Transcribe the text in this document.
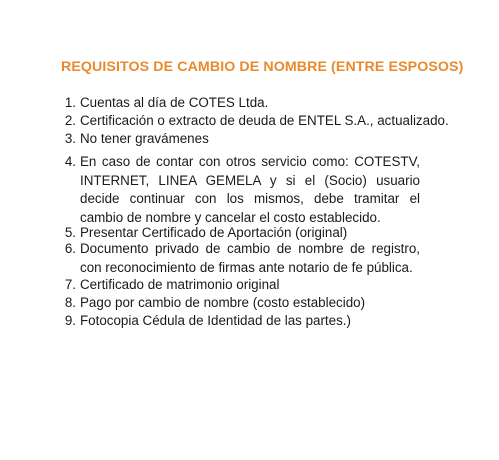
REQUISITOS DE CAMBIO DE NOMBRE (ENTRE ESPOSOS)
1. Cuentas al día de COTES Ltda.
2. Certificación o extracto de deuda de ENTEL S.A., actualizado.
3. No tener gravámenes
4. En caso de contar con otros servicio como: COTESTV, INTERNET, LINEA GEMELA y si el (Socio) usuario decide continuar con los mismos, debe tramitar el cambio de nombre y cancelar el costo establecido.
5. Presentar Certificado de Aportación (original)
6. Documento privado de cambio de nombre de registro, con reconocimiento de firmas ante notario de fe pública.
7. Certificado de matrimonio original
8. Pago por cambio de nombre (costo establecido)
9. Fotocopia Cédula de Identidad de las partes.)
